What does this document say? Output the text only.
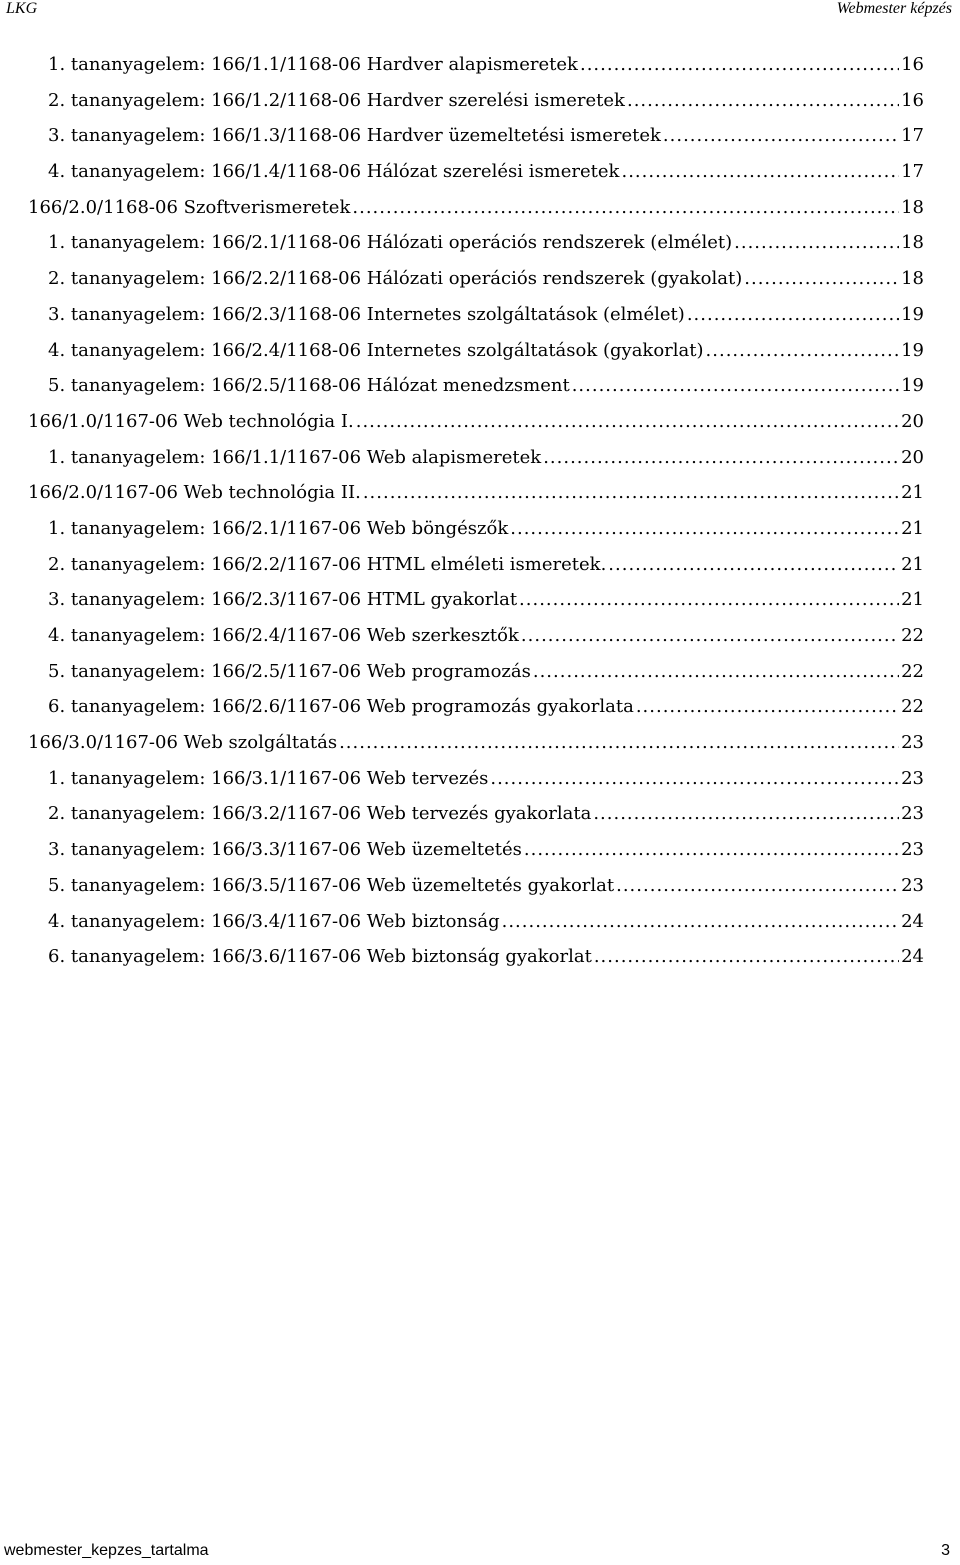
LKG	Webmester képzés
1. tananyagelem: 166/1.1/1168-06 Hardver alapismeretek .....	16
2. tananyagelem: 166/1.2/1168-06 Hardver szerelési ismeretek .....	16
3. tananyagelem: 166/1.3/1168-06 Hardver üzemeltetési ismeretek .....	17
4. tananyagelem: 166/1.4/1168-06 Hálózat szerelési ismeretek .....	17
166/2.0/1168-06 Szoftverismeretek .....	18
1. tananyagelem: 166/2.1/1168-06 Hálózati operációs rendszerek (elmélet) .....	18
2. tananyagelem: 166/2.2/1168-06 Hálózati operációs rendszerek (gyakolat) .....	18
3. tananyagelem: 166/2.3/1168-06 Internetes szolgáltatások (elmélet) .....	19
4. tananyagelem: 166/2.4/1168-06 Internetes szolgáltatások (gyakorlat) .....	19
5. tananyagelem: 166/2.5/1168-06 Hálózat menedzsment .....	19
166/1.0/1167-06 Web technológia I. .....	20
1. tananyagelem: 166/1.1/1167-06 Web alapismeretek .....	20
166/2.0/1167-06 Web technológia II. .....	21
1. tananyagelem: 166/2.1/1167-06 Web böngészők .....	21
2. tananyagelem: 166/2.2/1167-06 HTML elméleti ismeretek. .....	21
3. tananyagelem: 166/2.3/1167-06 HTML gyakorlat .....	21
4. tananyagelem: 166/2.4/1167-06 Web szerkesztők .....	22
5. tananyagelem: 166/2.5/1167-06 Web programozás .....	22
6. tananyagelem: 166/2.6/1167-06 Web programozás gyakorlata .....	22
166/3.0/1167-06 Web szolgáltatás .....	23
1. tananyagelem: 166/3.1/1167-06 Web tervezés .....	23
2. tananyagelem: 166/3.2/1167-06 Web tervezés gyakorlata .....	23
3. tananyagelem: 166/3.3/1167-06 Web üzemeltetés .....	23
5. tananyagelem: 166/3.5/1167-06 Web üzemeltetés gyakorlat .....	23
4. tananyagelem: 166/3.4/1167-06 Web biztonság .....	24
6. tananyagelem: 166/3.6/1167-06 Web biztonság gyakorlat .....	24
webmester_kepzes_tartalma	3
